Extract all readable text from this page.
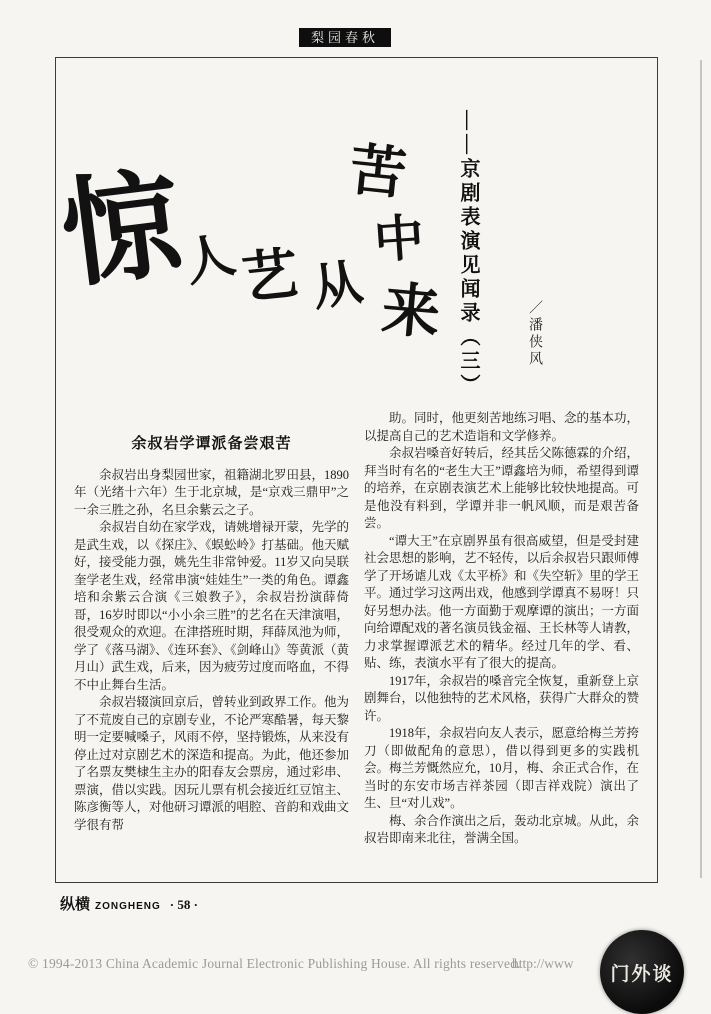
梨园春秋
惊
人
艺 从
苦
中
来 ——京剧表演见闻录（三）	／潘侠风
余叔岩学谭派备尝艰苦

余叔岩出身梨园世家，祖籍湖北罗田县，1890年（光绪十六年）生于北京城，是“京戏三鼎甲”之一余三胜之孙，名旦余紫云之子。

余叔岩自幼在家学戏，请姚增禄开蒙，先学的是武生戏，以《探庄》、《蜈蚣岭》打基础。他天赋好，接受能力强，姚先生非常钟爱。11岁又向吴联奎学老生戏，经常串演“娃娃生”一类的角色。谭鑫培和余紫云合演《三娘教子》，余叔岩扮演薛倚哥，16岁时即以“小小余三胜”的艺名在天津演唱，很受观众的欢迎。在津搭班时期，拜薛凤池为师，学了《落马湖》、《连环套》、《剑峰山》等黄派（黄月山）武生戏，后来，因为疲劳过度而咯血，不得不中止舞台生活。

余叔岩辍演回京后，曾转业到政界工作。他为了不荒废自己的京剧专业，不论严寒酷暑，每天黎明一定要喊嗓子，风雨不停，坚持锻炼，从来没有停止过对京剧艺术的深造和提高。为此，他还参加了名票友樊棣生主办的阳春友会票房，通过彩串、票演，借以实践。因玩儿票有机会接近红豆馆主、陈彦衡等人，对他研习谭派的唱腔、音韵和戏曲文学很有帮

助。同时，他更刻苦地练习唱、念的基本功，以提高自己的艺术造诣和文学修养。

余叔岩嗓音好转后，经其岳父陈德霖的介绍，拜当时有名的“老生大王”谭鑫培为师，希望得到谭的培养，在京剧表演艺术上能够比较快地提高。可是他没有料到，学谭并非一帆风顺，而是艰苦备尝。

“谭大王”在京剧界虽有很高威望，但是受封建社会思想的影响，艺不轻传，以后余叔岩只跟师傅学了开场谑儿戏《太平桥》和《失空斩》里的学王平。通过学习这两出戏，他感到学谭真不易呀！只好另想办法。他一方面勤于观摩谭的演出；一方面向给谭配戏的著名演员钱金福、王长林等人请教，力求掌握谭派艺术的精华。经过几年的学、看、贴、练，表演水平有了很大的提高。

1917年，余叔岩的嗓音完全恢复，重新登上京剧舞台，以他独特的艺术风格，获得广大群众的赞许。

1918年，余叔岩向友人表示，愿意给梅兰芳挎刀（即做配角的意思），借以得到更多的实践机会。梅兰芳慨然应允，10月，梅、余正式合作，在当时的东安市场吉祥茶园（即吉祥戏院）演出了生、旦“对儿戏”。

梅、余合作演出之后，轰动北京城。从此，余叔岩即南来北往，誉满全国。

纵横 ZONGHENG · 58 ·
© 1994-2013 China Academic Journal Electronic Publishing House. All rights reserved.
http://www 门外谈
